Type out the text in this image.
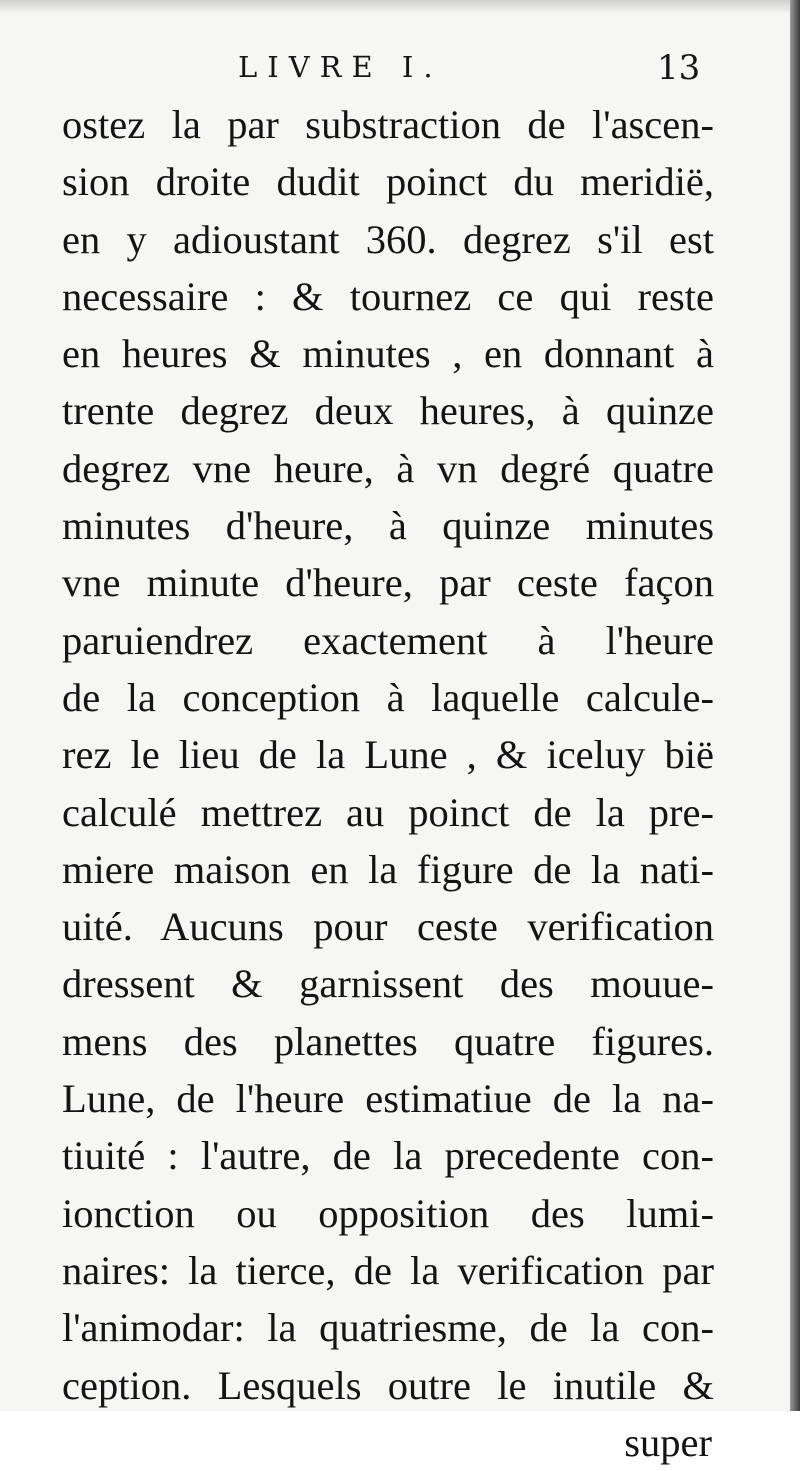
LIVRE I.	13
ostez la par substraction de l'ascen-
sion droite dudit poinct du meridië,
en y adioustant 360. degrez s'il est
necessaire : & tournez ce qui reste
en heures & minutes , en donnant à
trente degrez deux heures, à quinze
degrez vne heure, à vn degré quatre
minutes d'heure, à quinze minutes
vne minute d'heure, par ceste façon
paruiendrez exactement à l'heure
de la conception à laquelle calcule-
rez le lieu de la Lune , & iceluy bië
calculé mettrez au poinct de la pre-
miere maison en la figure de la nati-
uité. Aucuns pour ceste verification
dressent & garnissent des mouue-
mens des planettes quatre figures.
Lune, de l'heure estimatiue de la na-
tiuité : l'autre, de la precedente con-
ionction ou opposition des lumi-
naires: la tierce, de la verification par
l'animodar: la quatriesme, de la con-
ception. Lesquels outre le inutile &
super
